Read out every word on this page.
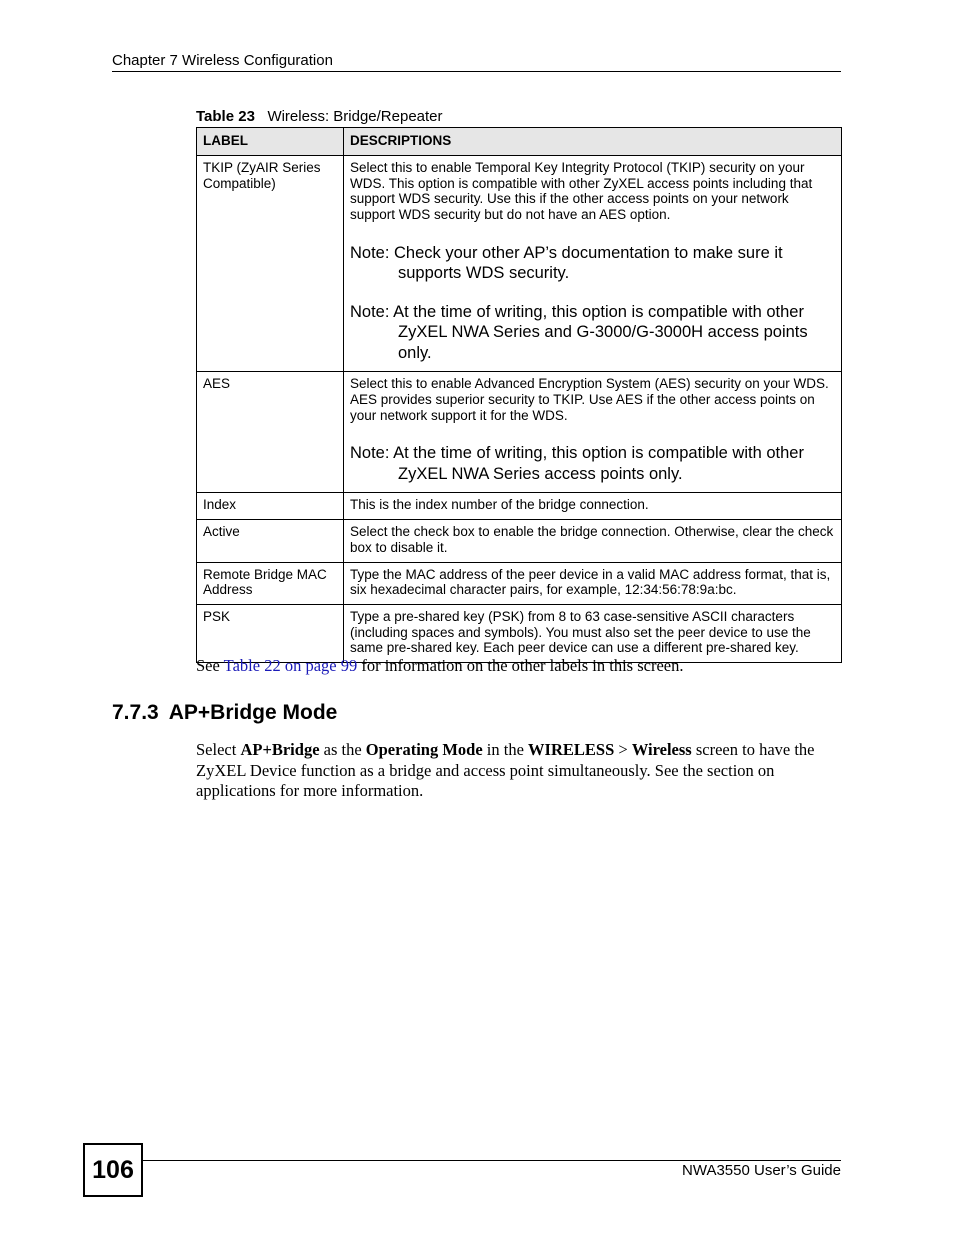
Chapter 7 Wireless Configuration
Table 23 Wireless: Bridge/Repeater
LABEL	DESCRIPTIONS
TKIP (ZyAIR Series Compatible)	Select this to enable Temporal Key Integrity Protocol (TKIP) security on your WDS. This option is compatible with other ZyXEL access points including that support WDS security. Use this if the other access points on your network support WDS security but do not have an AES option.
Note: Check your other AP’s documentation to make sure it supports WDS security.
Note: At the time of writing, this option is compatible with other ZyXEL NWA Series and G-3000/G-3000H access points only.

AES	Select this to enable Advanced Encryption System (AES) security on your WDS. AES provides superior security to TKIP. Use AES if the other access points on your network support it for the WDS.
Note: At the time of writing, this option is compatible with other ZyXEL NWA Series access points only.

Index	This is the index number of the bridge connection.
Active	Select the check box to enable the bridge connection. Otherwise, clear the check box to disable it.
Remote Bridge MAC Address	Type the MAC address of the peer device in a valid MAC address format, that is, six hexadecimal character pairs, for example, 12:34:56:78:9a:bc.
PSK	Type a pre-shared key (PSK) from 8 to 63 case-sensitive ASCII characters (including spaces and symbols). You must also set the peer device to use the same pre-shared key. Each peer device can use a different pre-shared key.
See Table 22 on page 99 for information on the other labels in this screen.
7.7.3 AP+Bridge Mode
Select AP+Bridge as the Operating Mode in the WIRELESS > Wireless screen to have the ZyXEL Device function as a bridge and access point simultaneously. See the section on applications for more information.
106	NWA3550 User’s Guide
